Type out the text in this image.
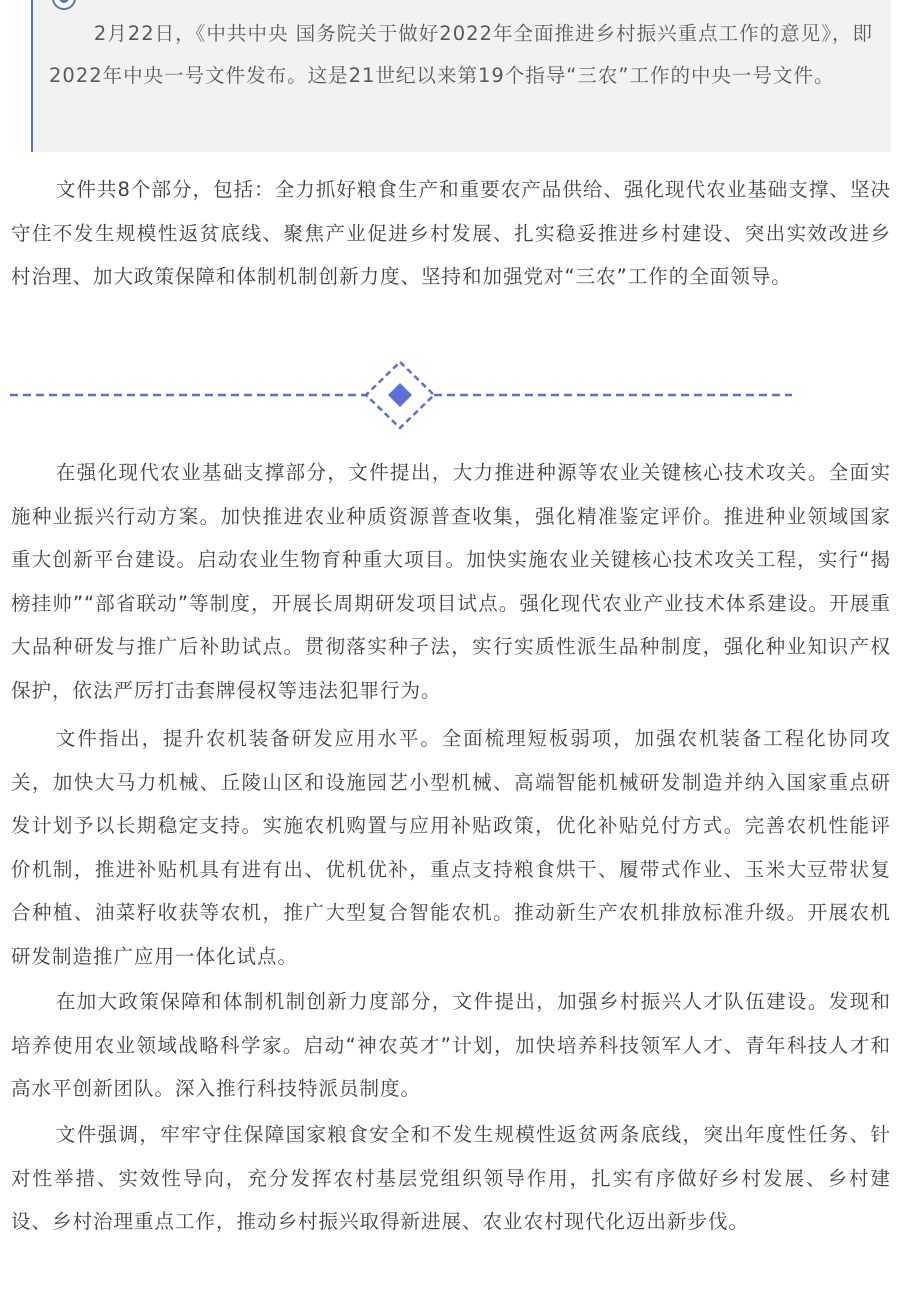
2月22日，《中共中央 国务院关于做好2022年全面推进乡村振兴重点工作的意见》，即2022年中央一号文件发布。这是21世纪以来第19个指导“三农”工作的中央一号文件。

文件共8个部分，包括：全力抓好粮食生产和重要农产品供给、强化现代农业基础支撑、坚决守住不发生规模性返贫底线、聚焦产业促进乡村发展、扎实稳妥推进乡村建设、突出实效改进乡村治理、加大政策保障和体制机制创新力度、坚持和加强党对“三农”工作的全面领导。

在强化现代农业基础支撑部分，文件提出，大力推进种源等农业关键核心技术攻关。全面实施种业振兴行动方案。加快推进农业种质资源普查收集，强化精准鉴定评价。推进种业领域国家重大创新平台建设。启动农业生物育种重大项目。加快实施农业关键核心技术攻关工程，实行“揭榜挂帅”“部省联动”等制度，开展长周期研发项目试点。强化现代农业产业技术体系建设。开展重大品种研发与推广后补助试点。贯彻落实种子法，实行实质性派生品种制度，强化种业知识产权保护，依法严厉打击套牌侵权等违法犯罪行为。

文件指出，提升农机装备研发应用水平。全面梳理短板弱项，加强农机装备工程化协同攻关，加快大马力机械、丘陵山区和设施园艺小型机械、高端智能机械研发制造并纳入国家重点研发计划予以长期稳定支持。实施农机购置与应用补贴政策，优化补贴兑付方式。完善农机性能评价机制，推进补贴机具有进有出、优机优补，重点支持粮食烘干、履带式作业、玉米大豆带状复合种植、油菜籽收获等农机，推广大型复合智能农机。推动新生产农机排放标准升级。开展农机研发制造推广应用一体化试点。

在加大政策保障和体制机制创新力度部分，文件提出，加强乡村振兴人才队伍建设。发现和培养使用农业领域战略科学家。启动“神农英才”计划，加快培养科技领军人才、青年科技人才和高水平创新团队。深入推行科技特派员制度。

文件强调，牢牢守住保障国家粮食安全和不发生规模性返贫两条底线，突出年度性任务、针对性举措、实效性导向，充分发挥农村基层党组织领导作用，扎实有序做好乡村发展、乡村建设、乡村治理重点工作，推动乡村振兴取得新进展、农业农村现代化迈出新步伐。
